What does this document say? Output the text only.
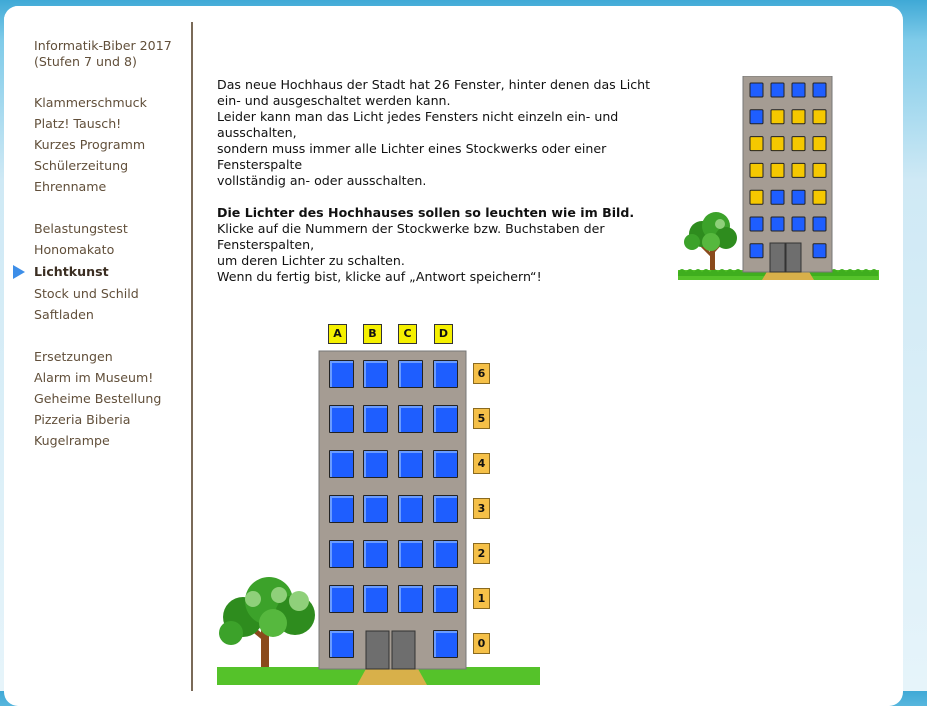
Informatik-Biber 2017
(Stufen 7 und 8)
Klammerschmuck
Platz! Tausch!
Kurzes Programm
Schülerzeitung
Ehrenname
Belastungstest
Honomakato
Lichtkunst
Stock und Schild
Saftladen
Ersetzungen
Alarm im Museum!
Geheime Bestellung
Pizzeria Biberia
Kugelrampe

Das neue Hochhaus der Stadt hat 26 Fenster, hinter denen das Licht

ein- und ausgeschaltet werden kann.

Leider kann man das Licht jedes Fensters nicht einzeln ein- und

ausschalten,

sondern muss immer alle Lichter eines Stockwerks oder einer

Fensterspalte

vollständig an- oder ausschalten.

Die Lichter des Hochhauses sollen so leuchten wie im Bild.

Klicke auf die Nummern der Stockwerke bzw. Buchstaben der

Fensterspalten,

um deren Lichter zu schalten.

Wenn du fertig bist, klicke auf „Antwort speichern“!

A	B	C	D
6
5
4
3
2
1
0
